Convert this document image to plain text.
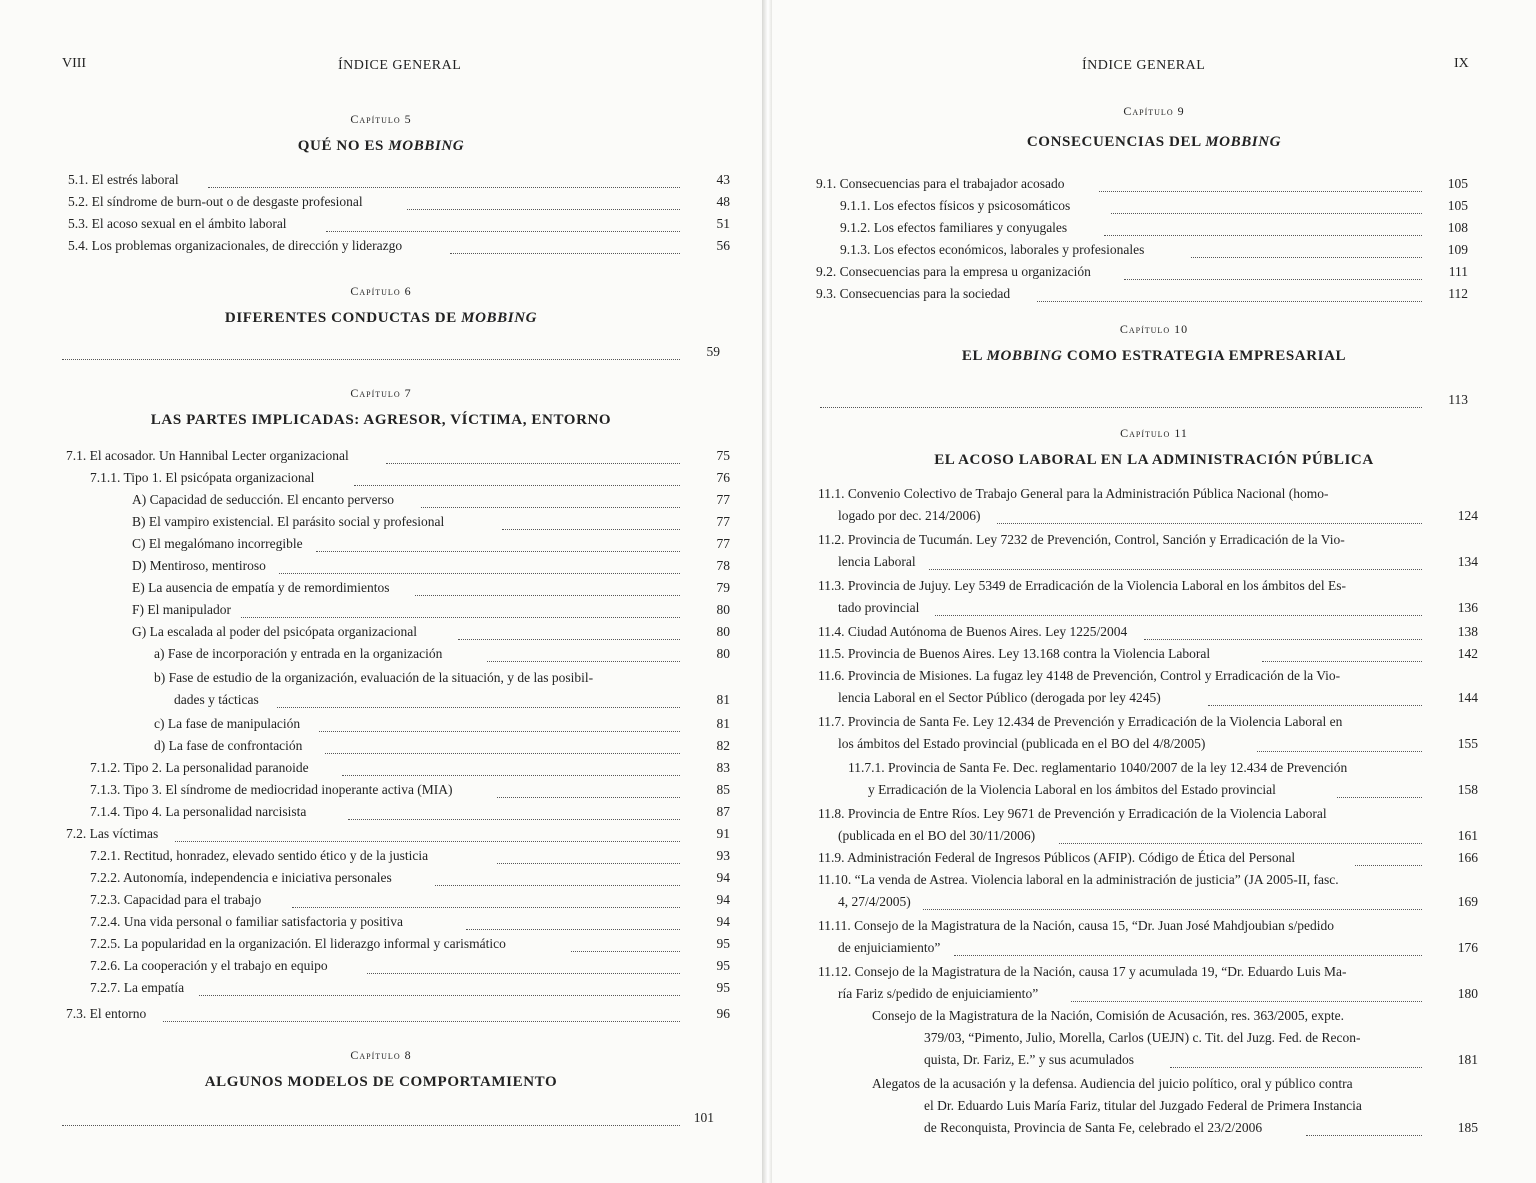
VIII	ÍNDICE GENERAL
Capítulo 5
QUÉ NO ES MOBBING
Capítulo 6
DIFERENTES CONDUCTAS DE MOBBING
Capítulo 7
LAS PARTES IMPLICADAS: AGRESOR, VÍCTIMA, ENTORNO
Capítulo 8
ALGUNOS MODELOS DE COMPORTAMIENTO
5.1. El estrés laboral	43
5.2. El síndrome de burn-out o de desgaste profesional	48
5.3. El acoso sexual en el ámbito laboral	51
5.4. Los problemas organizacionales, de dirección y liderazgo	56
59
7.1. El acosador. Un Hannibal Lecter organizacional	75
7.1.1. Tipo 1. El psicópata organizacional	76
A) Capacidad de seducción. El encanto perverso	77
B) El vampiro existencial. El parásito social y profesional	77
C) El megalómano incorregible	77
D) Mentiroso, mentiroso	78
E) La ausencia de empatía y de remordimientos	79
F) El manipulador	80
G) La escalada al poder del psicópata organizacional	80
a) Fase de incorporación y entrada en la organización	80
b) Fase de estudio de la organización, evaluación de la situación, y de las posibil-
dades y tácticas	81
c) La fase de manipulación	81
d) La fase de confrontación	82
7.1.2. Tipo 2. La personalidad paranoide	83
7.1.3. Tipo 3. El síndrome de mediocridad inoperante activa (MIA)	85
7.1.4. Tipo 4. La personalidad narcisista	87
7.2. Las víctimas	91
7.2.1. Rectitud, honradez, elevado sentido ético y de la justicia	93
7.2.2. Autonomía, independencia e iniciativa personales	94
7.2.3. Capacidad para el trabajo	94
7.2.4. Una vida personal o familiar satisfactoria y positiva	94
7.2.5. La popularidad en la organización. El liderazgo informal y carismático	95
7.2.6. La cooperación y el trabajo en equipo	95
7.2.7. La empatía	95
7.3. El entorno	96
101
IX
ÍNDICE GENERAL
Capítulo 9
CONSECUENCIAS DEL MOBBING
Capítulo 10
EL MOBBING COMO ESTRATEGIA EMPRESARIAL
Capítulo 11
EL ACOSO LABORAL EN LA ADMINISTRACIÓN PÚBLICA
9.1. Consecuencias para el trabajador acosado	105
9.1.1. Los efectos físicos y psicosomáticos	105
9.1.2. Los efectos familiares y conyugales	108
9.1.3. Los efectos económicos, laborales y profesionales	109
9.2. Consecuencias para la empresa u organización	111
9.3. Consecuencias para la sociedad	112
113
11.1. Convenio Colectivo de Trabajo General para la Administración Pública Nacional (homo-
logado por dec. 214/2006)	124
11.2. Provincia de Tucumán. Ley 7232 de Prevención, Control, Sanción y Erradicación de la Vio-
lencia Laboral	134
11.3. Provincia de Jujuy. Ley 5349 de Erradicación de la Violencia Laboral en los ámbitos del Es-
tado provincial	136
11.4. Ciudad Autónoma de Buenos Aires. Ley 1225/2004	138
11.5. Provincia de Buenos Aires. Ley 13.168 contra la Violencia Laboral	142
11.6. Provincia de Misiones. La fugaz ley 4148 de Prevención, Control y Erradicación de la Vio-
lencia Laboral en el Sector Público (derogada por ley 4245)	144
11.7. Provincia de Santa Fe. Ley 12.434 de Prevención y Erradicación de la Violencia Laboral en
los ámbitos del Estado provincial (publicada en el BO del 4/8/2005)	155
11.7.1. Provincia de Santa Fe. Dec. reglamentario 1040/2007 de la ley 12.434 de Prevención
y Erradicación de la Violencia Laboral en los ámbitos del Estado provincial	158
11.8. Provincia de Entre Ríos. Ley 9671 de Prevención y Erradicación de la Violencia Laboral
(publicada en el BO del 30/11/2006)	161
11.9. Administración Federal de Ingresos Públicos (AFIP). Código de Ética del Personal	166
11.10. “La venda de Astrea. Violencia laboral en la administración de justicia” (JA 2005-II, fasc.
4, 27/4/2005)	169
11.11. Consejo de la Magistratura de la Nación, causa 15, “Dr. Juan José Mahdjoubian s/pedido
de enjuiciamiento”	176
11.12. Consejo de la Magistratura de la Nación, causa 17 y acumulada 19, “Dr. Eduardo Luis Ma-
ría Fariz s/pedido de enjuiciamiento”	180
Consejo de la Magistratura de la Nación, Comisión de Acusación, res. 363/2005, expte.
379/03, “Pimento, Julio, Morella, Carlos (UEJN) c. Tit. del Juzg. Fed. de Recon-
quista, Dr. Fariz, E.” y sus acumulados	181
Alegatos de la acusación y la defensa. Audiencia del juicio político, oral y público contra
el Dr. Eduardo Luis María Fariz, titular del Juzgado Federal de Primera Instancia
de Reconquista, Provincia de Santa Fe, celebrado el 23/2/2006	185
